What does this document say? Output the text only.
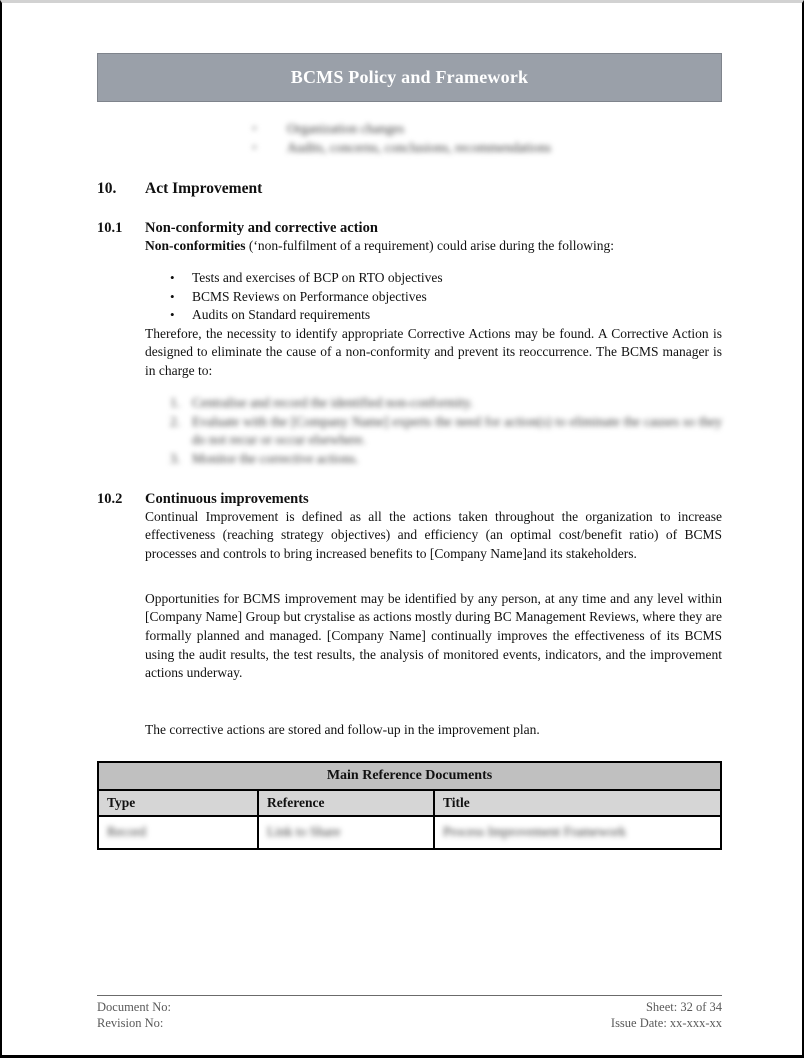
BCMS Policy and Framework
•	Organization changes
•	Audits, concerns, conclusions, recommendations
10.	Act Improvement
10.1	Non-conformity and corrective action

Non-conformities (‘non-fulfilment of a requirement) could arise during the following:

• Tests and exercises of BCP on RTO objectives
• BCMS Reviews on Performance objectives
• Audits on Standard requirements

Therefore, the necessity to identify appropriate Corrective Actions may be found. A Corrective Action is designed to eliminate the cause of a non-conformity and prevent its reoccurrence. The BCMS manager is in charge to:

1. Centralise and record the identified non-conformity.
2. Evaluate with the [Company Name] experts the need for action(s) to eliminate the causes so they do not recur or occur elsewhere.
3. Monitor the corrective actions.
10.2	Continuous improvements

Continual Improvement is defined as all the actions taken throughout the organization to increase effectiveness (reaching strategy objectives) and efficiency (an optimal cost/benefit ratio) of BCMS processes and controls to bring increased benefits to [Company Name]and its stakeholders.

Opportunities for BCMS improvement may be identified by any person, at any time and any level within [Company Name] Group but crystalise as actions mostly during BC Management Reviews, where they are formally planned and managed. [Company Name] continually improves the effectiveness of its BCMS using the audit results, the test results, the analysis of monitored events, indicators, and the improvement actions underway.

The corrective actions are stored and follow-up in the improvement plan.

Main Reference Documents		
Type	Reference	Title
Record	Link to Share	Process Improvement Framework
Document No:
Revision No:
Sheet: 32 of 34
Issue Date: xx-xxx-xx
